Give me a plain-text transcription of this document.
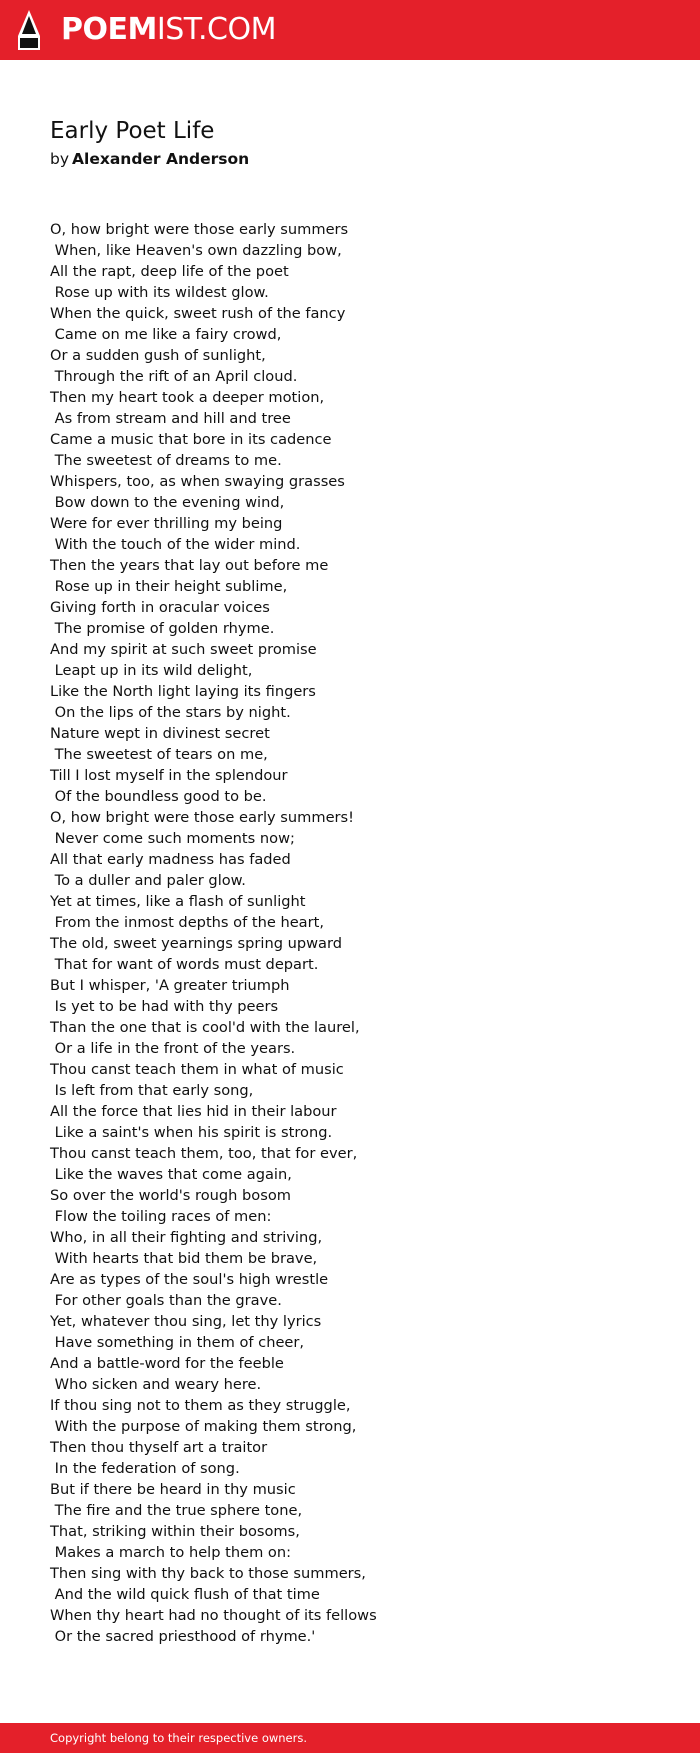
POEMIST.COM
Early Poet Life
by Alexander Anderson
O, how bright were those early summers
When, like Heaven's own dazzling bow,
All the rapt, deep life of the poet
Rose up with its wildest glow.
When the quick, sweet rush of the fancy
Came on me like a fairy crowd,
Or a sudden gush of sunlight,
Through the rift of an April cloud.
Then my heart took a deeper motion,
As from stream and hill and tree
Came a music that bore in its cadence
The sweetest of dreams to me.
Whispers, too, as when swaying grasses
Bow down to the evening wind,
Were for ever thrilling my being
With the touch of the wider mind.
Then the years that lay out before me
Rose up in their height sublime,
Giving forth in oracular voices
The promise of golden rhyme.
And my spirit at such sweet promise
Leapt up in its wild delight,
Like the North light laying its fingers
On the lips of the stars by night.
Nature wept in divinest secret
The sweetest of tears on me,
Till I lost myself in the splendour
Of the boundless good to be.
O, how bright were those early summers!
Never come such moments now;
All that early madness has faded
To a duller and paler glow.
Yet at times, like a flash of sunlight
From the inmost depths of the heart,
The old, sweet yearnings spring upward
That for want of words must depart.
But I whisper, 'A greater triumph
Is yet to be had with thy peers
Than the one that is cool'd with the laurel,
Or a life in the front of the years.
Thou canst teach them in what of music
Is left from that early song,
All the force that lies hid in their labour
Like a saint's when his spirit is strong.
Thou canst teach them, too, that for ever,
Like the waves that come again,
So over the world's rough bosom
Flow the toiling races of men:
Who, in all their fighting and striving,
With hearts that bid them be brave,
Are as types of the soul's high wrestle
For other goals than the grave.
Yet, whatever thou sing, let thy lyrics
Have something in them of cheer,
And a battle-word for the feeble
Who sicken and weary here.
If thou sing not to them as they struggle,
With the purpose of making them strong,
Then thou thyself art a traitor
In the federation of song.
But if there be heard in thy music
The fire and the true sphere tone,
That, striking within their bosoms,
Makes a march to help them on:
Then sing with thy back to those summers,
And the wild quick flush of that time
When thy heart had no thought of its fellows
Or the sacred priesthood of rhyme.'
Copyright belong to their respective owners.
